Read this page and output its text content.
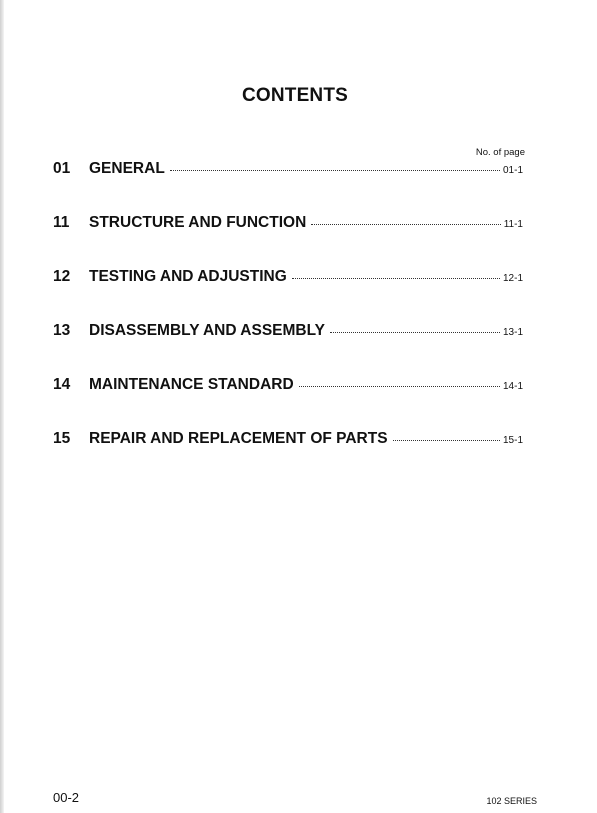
CONTENTS
No. of page
01	GENERAL	01-1
11	STRUCTURE AND FUNCTION	11-1
12	TESTING AND ADJUSTING	12-1
13	DISASSEMBLY AND ASSEMBLY	13-1
14	MAINTENANCE STANDARD	14-1
15	REPAIR AND REPLACEMENT OF PARTS	15-1
00-2	102 SERIES
